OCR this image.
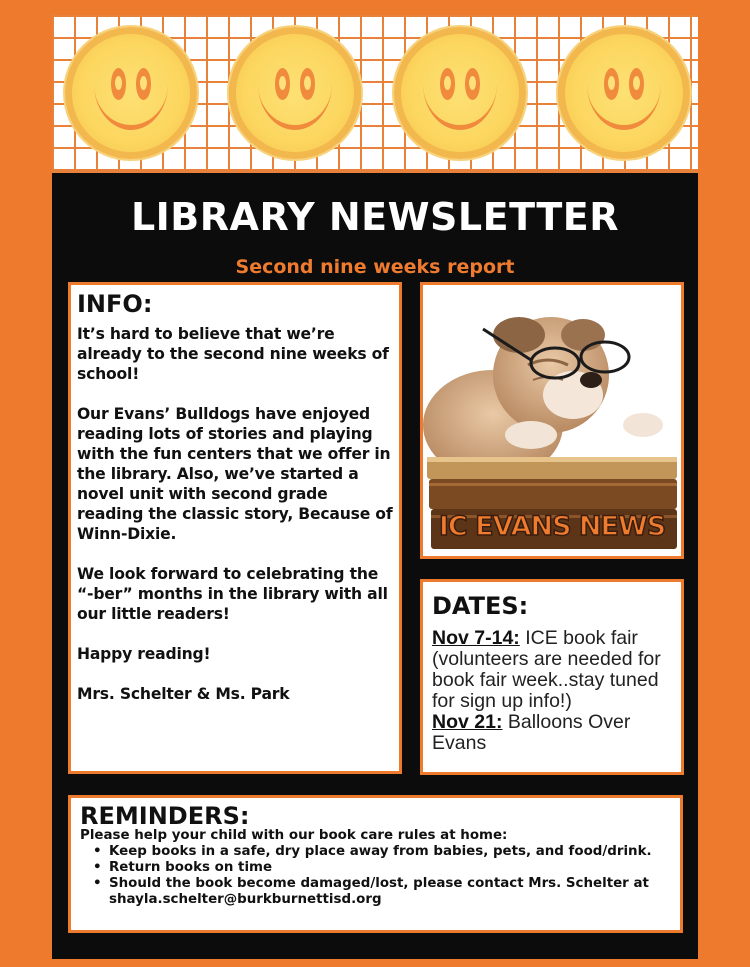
LIBRARY NEWSLETTER
Second nine weeks report
INFO:
It’s hard to believe that we’re already to the second nine weeks of school!
Our Evans’ Bulldogs have enjoyed reading lots of stories and playing with the fun centers that we offer in the library. Also, we’ve started a novel unit with second grade reading the classic story, Because of Winn-Dixie.
We look forward to celebrating the “-ber” months in the library with all our little readers!
Happy reading!
Mrs. Schelter & Ms. Park
IC EVANS NEWS
DATES:
Nov 7-14: ICE book fair (volunteers are needed for book fair week..stay tuned for sign up info!)
Nov 21: Balloons Over Evans
REMINDERS:
Please help your child with our book care rules at home:
• Keep books in a safe, dry place away from babies, pets, and food/drink.
• Return books on time
• Should the book become damaged/lost, please contact Mrs. Schelter at shayla.schelter@burkburnettisd.org
